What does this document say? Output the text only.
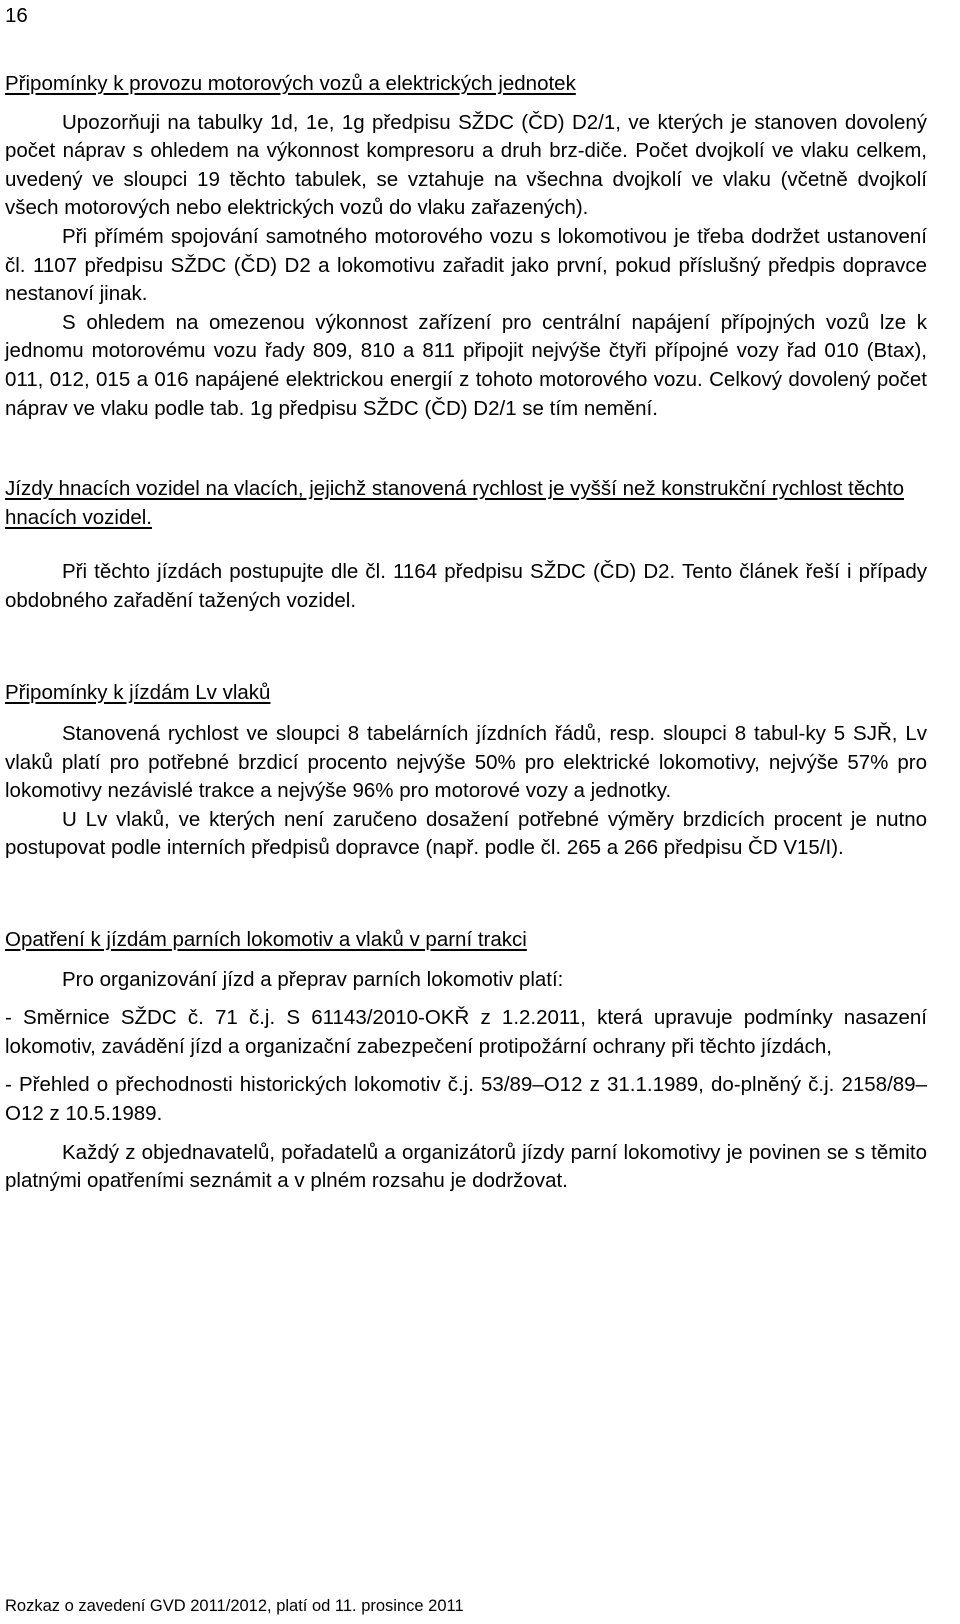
16
Připomínky k provozu motorových vozů a elektrických jednotek

Upozorňuji na tabulky 1d, 1e, 1g předpisu SŽDC (ČD) D2/1, ve kterých je stanoven dovolený počet náprav s ohledem na výkonnost kompresoru a druh brz-diče. Počet dvojkolí ve vlaku celkem, uvedený ve sloupci 19 těchto tabulek, se vztahuje na všechna dvojkolí ve vlaku (včetně dvojkolí všech motorových nebo elektrických vozů do vlaku zařazených).

Při přímém spojování samotného motorového vozu s lokomotivou je třeba dodržet ustanovení čl. 1107 předpisu SŽDC (ČD) D2 a lokomotivu zařadit jako první, pokud příslušný předpis dopravce nestanoví jinak.

S ohledem na omezenou výkonnost zařízení pro centrální napájení přípojných vozů lze k jednomu motorovému vozu řady 809, 810 a 811 připojit nejvýše čtyři přípojné vozy řad 010 (Btax), 011, 012, 015 a 016 napájené elektrickou energií z tohoto motorového vozu. Celkový dovolený počet náprav ve vlaku podle tab. 1g předpisu SŽDC (ČD) D2/1 se tím nemění.

Jízdy hnacích vozidel na vlacích, jejichž stanovená rychlost je vyšší než konstrukční rychlost těchto hnacích vozidel.

Při těchto jízdách postupujte dle čl. 1164 předpisu SŽDC (ČD) D2. Tento článek řeší i případy obdobného zařadění tažených vozidel.

Připomínky k jízdám Lv vlaků

Stanovená rychlost ve sloupci 8 tabelárních jízdních řádů, resp. sloupci 8 tabul-ky 5 SJŘ, Lv vlaků platí pro potřebné brzdicí procento nejvýše 50% pro elektrické lokomotivy, nejvýše 57% pro lokomotivy nezávislé trakce a nejvýše 96% pro motorové vozy a jednotky.

U Lv vlaků, ve kterých není zaručeno dosažení potřebné výměry brzdicích procent je nutno postupovat podle interních předpisů dopravce (např. podle čl. 265 a 266 předpisu ČD V15/I).

Opatření k jízdám parních lokomotiv a vlaků v parní trakci

Pro organizování jízd a přeprav parních lokomotiv platí:

- Směrnice SŽDC č. 71 č.j. S 61143/2010-OKŘ z 1.2.2011, která upravuje podmínky nasazení lokomotiv, zavádění jízd a organizační zabezpečení protipožární ochrany při těchto jízdách,

- Přehled o přechodnosti historických lokomotiv č.j. 53/89–O12 z 31.1.1989, do-plněný č.j. 2158/89–O12 z 10.5.1989.

Každý z objednavatelů, pořadatelů a organizátorů jízdy parní lokomotivy je povinen se s těmito platnými opatřeními seznámit a v plném rozsahu je dodržovat.

Rozkaz o zavedení GVD 2011/2012, platí od 11. prosince 2011
